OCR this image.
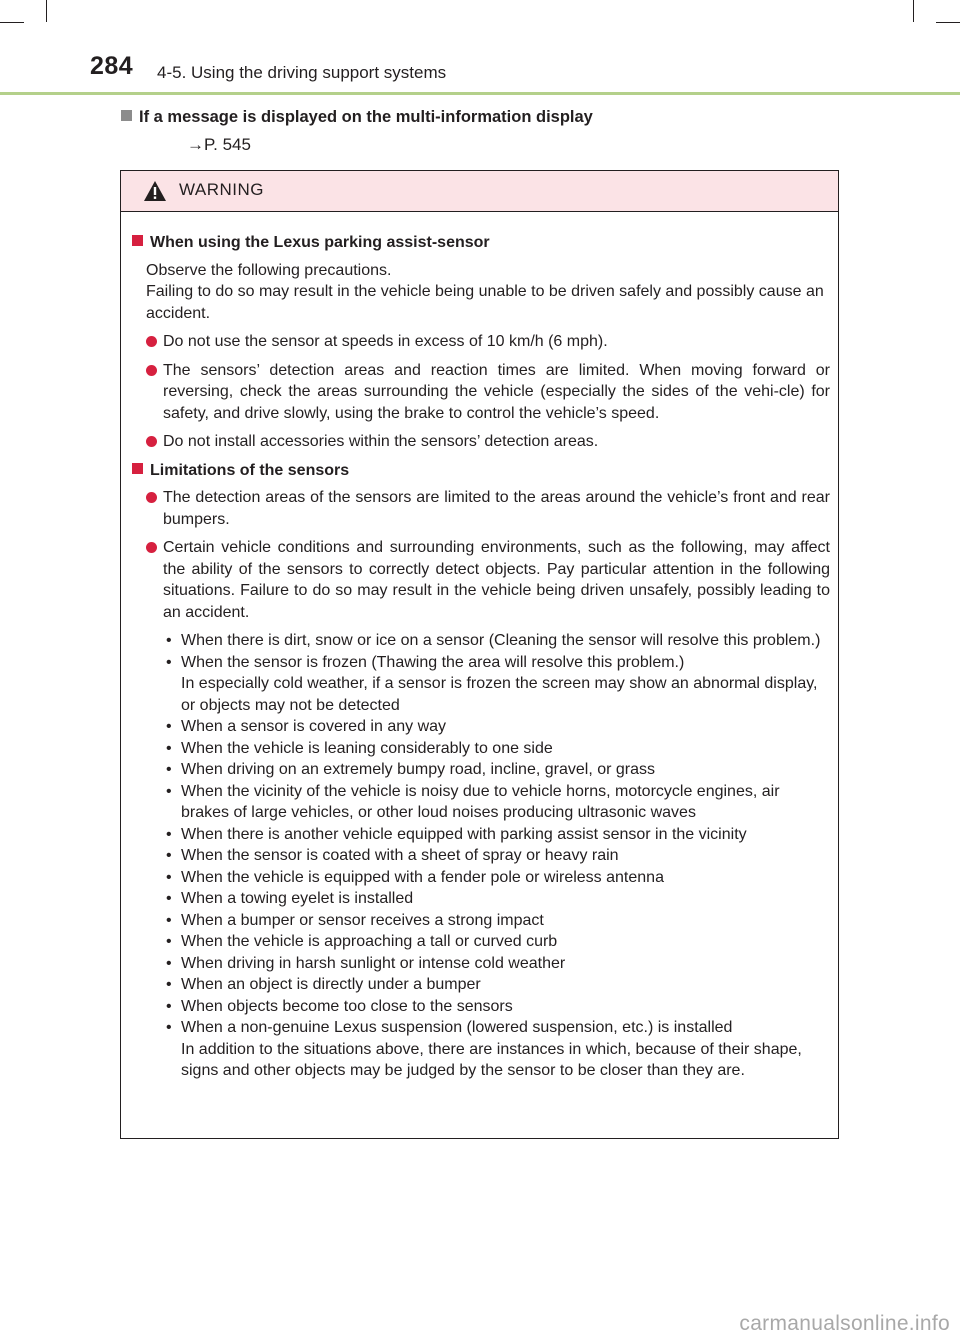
284 4-5. Using the driving support systems
If a message is displayed on the multi-information display
→P. 545
WARNING
When using the Lexus parking assist-sensor
Observe the following precautions.
Failing to do so may result in the vehicle being unable to be driven safely and possibly cause an accident.
Do not use the sensor at speeds in excess of 10 km/h (6 mph).
The sensors’ detection areas and reaction times are limited. When moving forward or reversing, check the areas surrounding the vehicle (especially the sides of the vehi-cle) for safety, and drive slowly, using the brake to control the vehicle’s speed.
Do not install accessories within the sensors’ detection areas.
Limitations of the sensors
The detection areas of the sensors are limited to the areas around the vehicle’s front and rear bumpers.
Certain vehicle conditions and surrounding environments, such as the following, may affect the ability of the sensors to correctly detect objects. Pay particular attention in the following situations. Failure to do so may result in the vehicle being driven unsafely, possibly leading to an accident.
• When there is dirt, snow or ice on a sensor (Cleaning the sensor will resolve this problem.)
• When the sensor is frozen (Thawing the area will resolve this problem.)
In especially cold weather, if a sensor is frozen the screen may show an abnormal display, or objects may not be detected
• When a sensor is covered in any way
• When the vehicle is leaning considerably to one side
• When driving on an extremely bumpy road, incline, gravel, or grass
• When the vicinity of the vehicle is noisy due to vehicle horns, motorcycle engines, air brakes of large vehicles, or other loud noises producing ultrasonic waves
• When there is another vehicle equipped with parking assist sensor in the vicinity
• When the sensor is coated with a sheet of spray or heavy rain
• When the vehicle is equipped with a fender pole or wireless antenna
• When a towing eyelet is installed
• When a bumper or sensor receives a strong impact
• When the vehicle is approaching a tall or curved curb
• When driving in harsh sunlight or intense cold weather
• When an object is directly under a bumper
• When objects become too close to the sensors
• When a non-genuine Lexus suspension (lowered suspension, etc.) is installed
In addition to the situations above, there are instances in which, because of their shape, signs and other objects may be judged by the sensor to be closer than they are.
carmanualsonline.info
